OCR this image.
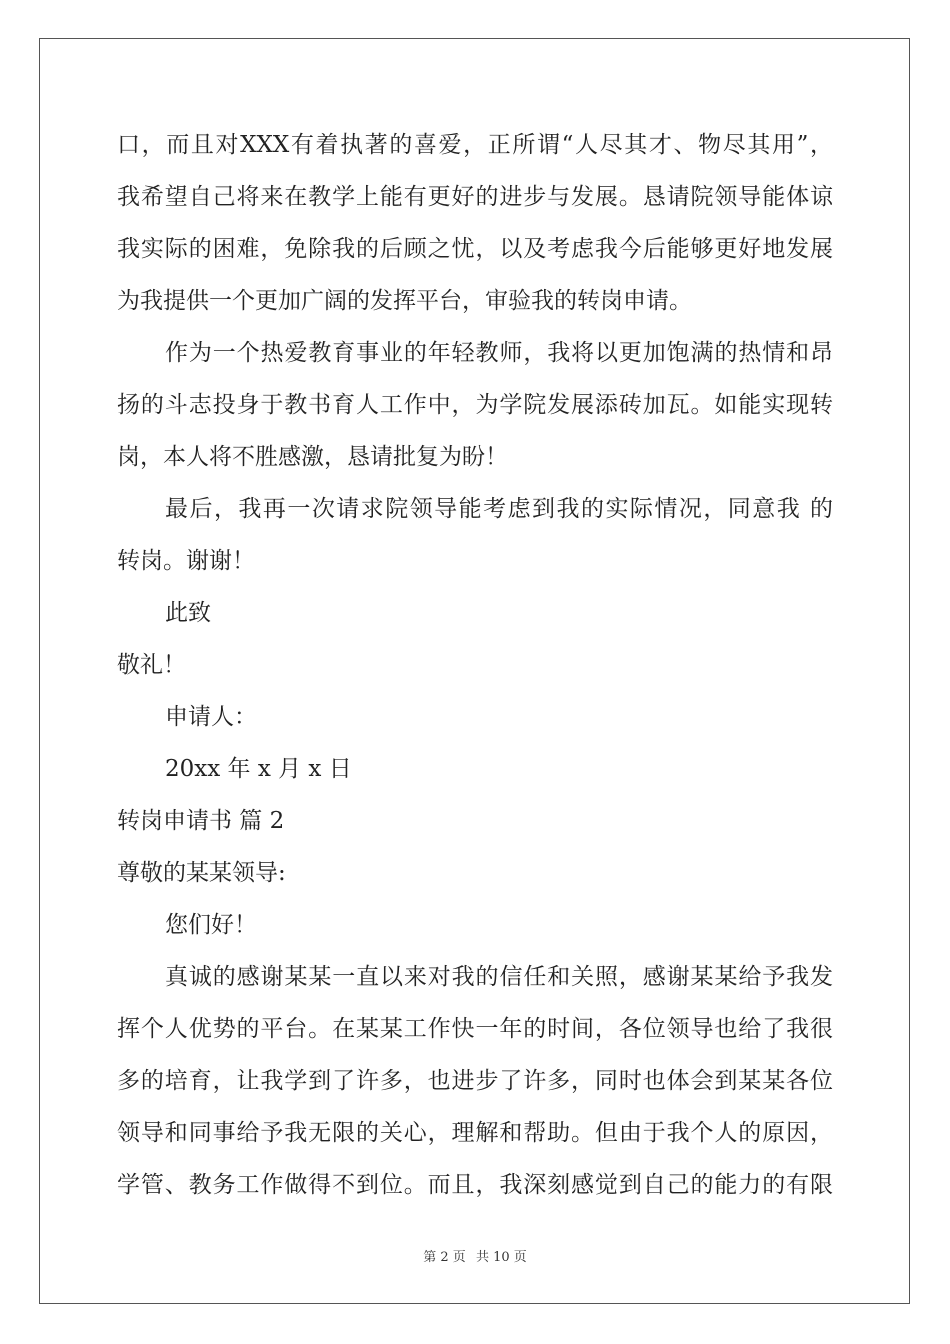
口，而且对XXX有着执著的喜爱，正所谓“人尽其才、物尽其用”，
我希望自己将来在教学上能有更好的进步与发展。恳请院领导能体谅
我实际的困难，免除我的后顾之忧，以及考虑我今后能够更好地发展
为我提供一个更加广阔的发挥平台，审验我的转岗申请。
作为一个热爱教育事业的年轻教师，我将以更加饱满的热情和昂
扬的斗志投身于教书育人工作中，为学院发展添砖加瓦。如能实现转
岗，本人将不胜感激，恳请批复为盼！
最后，我再一次请求院领导能考虑到我的实际情况，同意我 的
转岗。谢谢！
此致
敬礼！
申请人：
20xx 年 x 月 x 日
转岗申请书 篇 2
尊敬的某某领导:
您们好！
真诚的感谢某某一直以来对我的信任和关照，感谢某某给予我发
挥个人优势的平台。在某某工作快一年的时间，各位领导也给了我很
多的培育，让我学到了许多，也进步了许多，同时也体会到某某各位
领导和同事给予我无限的关心，理解和帮助。但由于我个人的原因，
学管、教务工作做得不到位。而且，我深刻感觉到自己的能力的有限
第 2 页 共 10 页
